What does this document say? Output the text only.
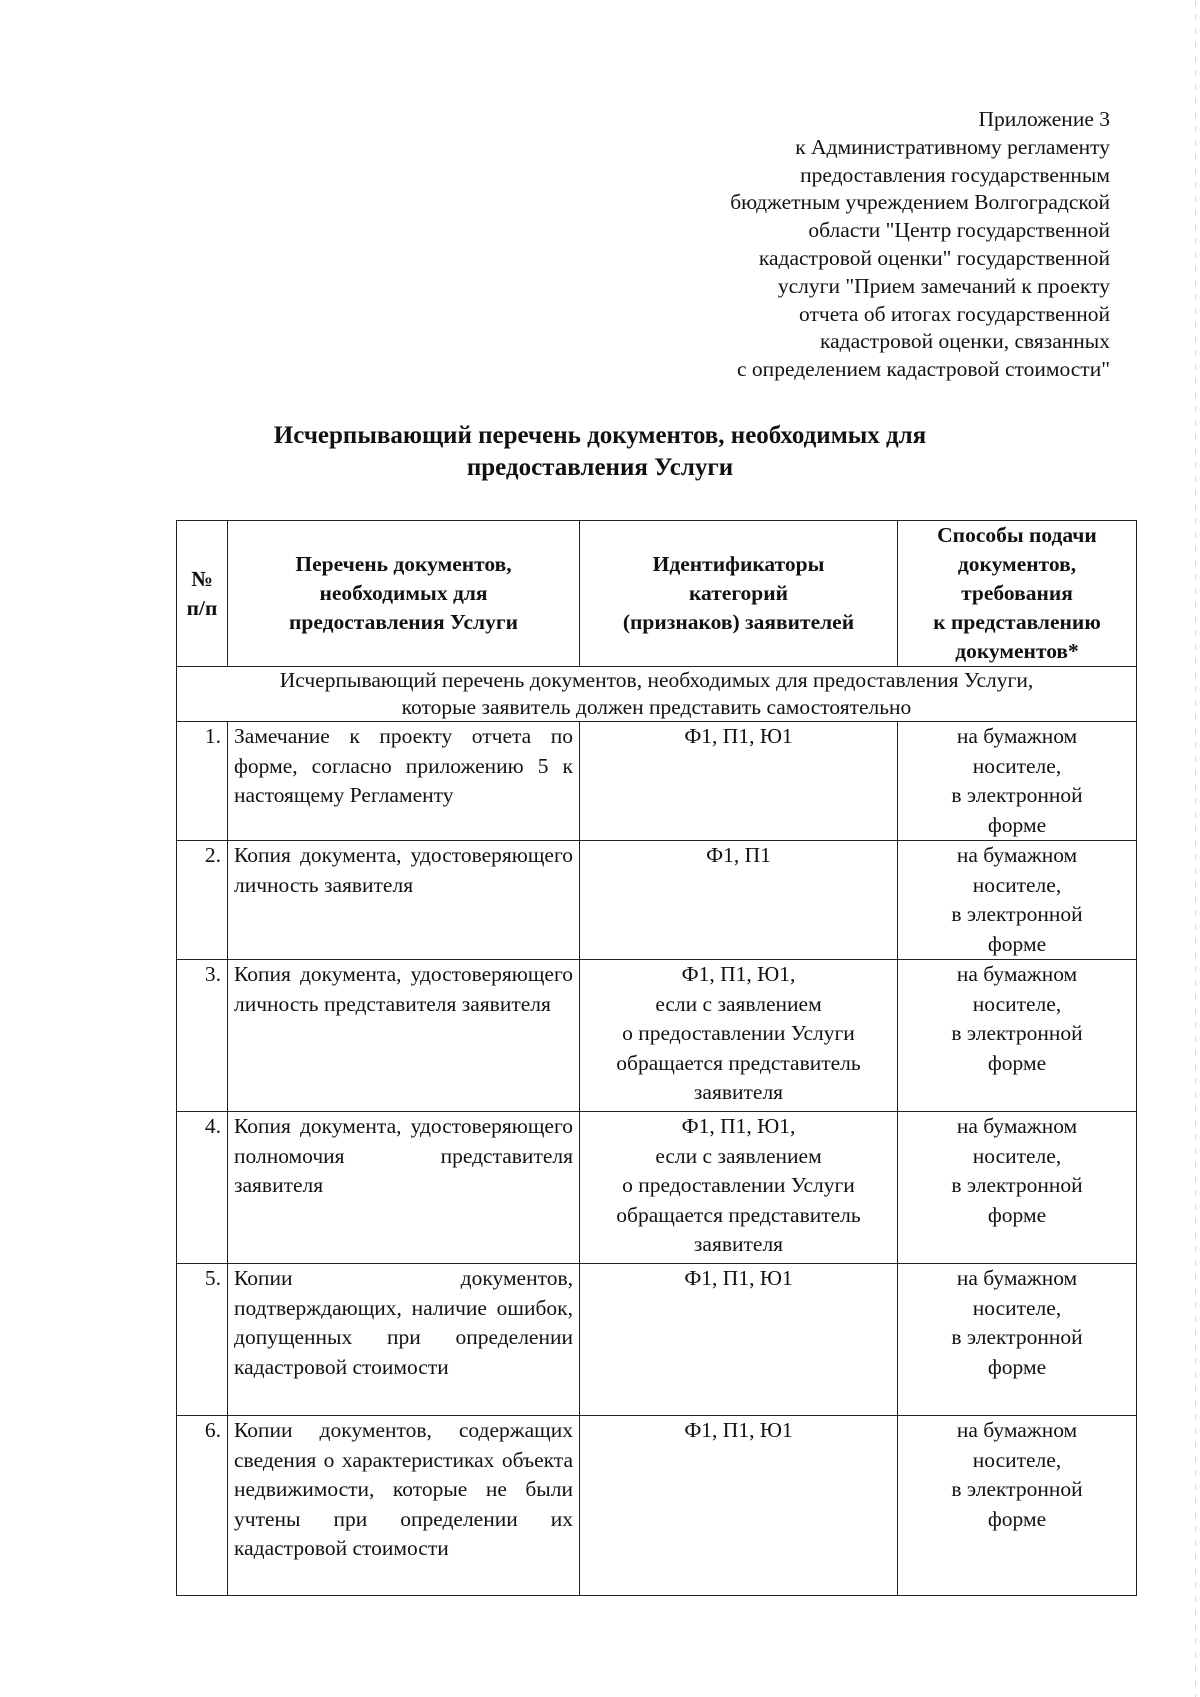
Приложение 3
к Административному регламенту
предоставления государственным
бюджетным учреждением Волгоградской
области "Центр государственной
кадастровой оценки" государственной
услуги "Прием замечаний к проекту
отчета об итогах государственной
кадастровой оценки, связанных
с определением кадастровой стоимости"
Исчерпывающий перечень документов, необходимых для
предоставления Услуги
№
п/п	Перечень документов,
необходимых для
предоставления Услуги	Идентификаторы
категорий
(признаков) заявителей	Способы подачи
документов,
требования
к представлению
документов*

Исчерпывающий перечень документов, необходимых для предоставления Услуги,
которые заявитель должен представить самостоятельно			

1.	Замечание к проекту отчета по форме, согласно приложению 5 к настоящему Регламенту	Ф1, П1, Ю1	на бумажном
носителе,
в электронной
форме

2.	Копия документа, удостоверяющего личность заявителя	Ф1, П1	на бумажном
носителе,
в электронной
форме

3.	Копия документа, удостоверяющего личность представителя заявителя	Ф1, П1, Ю1,
если с заявлением
о предоставлении Услуги
обращается представитель
заявителя	на бумажном
носителе,
в электронной
форме

4.	Копия документа, удостоверяющего полномочия представителя заявителя	Ф1, П1, Ю1,
если с заявлением
о предоставлении Услуги
обращается представитель
заявителя	на бумажном
носителе,
в электронной
форме

5.	Копии документов, подтверждающих, наличие ошибок, допущенных при определении кадастровой стоимости	Ф1, П1, Ю1	на бумажном
носителе,
в электронной
форме

6.	Копии документов, содержащих сведения о характеристиках объекта недвижимости, которые не были учтены при определении их кадастровой стоимости	Ф1, П1, Ю1	на бумажном
носителе,
в электронной
форме
